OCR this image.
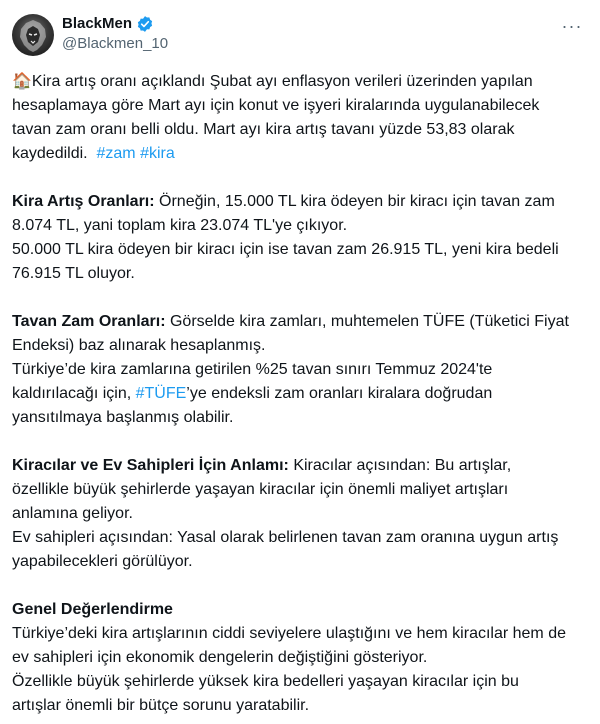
BlackMen
@Blackmen_10
···

🏠Kira artış oranı açıklandı Şubat ayı enflasyon verileri üzerinden yapılan hesaplamaya göre Mart ayı için konut ve işyeri kiralarında uygulanabilecek tavan zam oranı belli oldu. Mart ayı kira artış tavanı yüzde 53,83 olarak kaydedildi. #zam #kira

Kira Artış Oranları: Örneğin, 15.000 TL kira ödeyen bir kiracı için tavan zam 8.074 TL, yani toplam kira 23.074 TL'ye çıkıyor.

50.000 TL kira ödeyen bir kiracı için ise tavan zam 26.915 TL, yeni kira bedeli 76.915 TL oluyor.

Tavan Zam Oranları: Görselde kira zamları, muhtemelen TÜFE (Tüketici Fiyat Endeksi) baz alınarak hesaplanmış.

Türkiye’de kira zamlarına getirilen %25 tavan sınırı Temmuz 2024'te kaldırılacağı için, #TÜFE’ye endeksli zam oranları kiralara doğrudan yansıtılmaya başlanmış olabilir.

Kiracılar ve Ev Sahipleri İçin Anlamı: Kiracılar açısından: Bu artışlar, özellikle büyük şehirlerde yaşayan kiracılar için önemli maliyet artışları anlamına geliyor.

Ev sahipleri açısından: Yasal olarak belirlenen tavan zam oranına uygun artış yapabilecekleri görülüyor.

Genel Değerlendirme

Türkiye’deki kira artışlarının ciddi seviyelere ulaştığını ve hem kiracılar hem de ev sahipleri için ekonomik dengelerin değiştiğini gösteriyor.

Özellikle büyük şehirlerde yüksek kira bedelleri yaşayan kiracılar için bu artışlar önemli bir bütçe sorunu yaratabilir.
